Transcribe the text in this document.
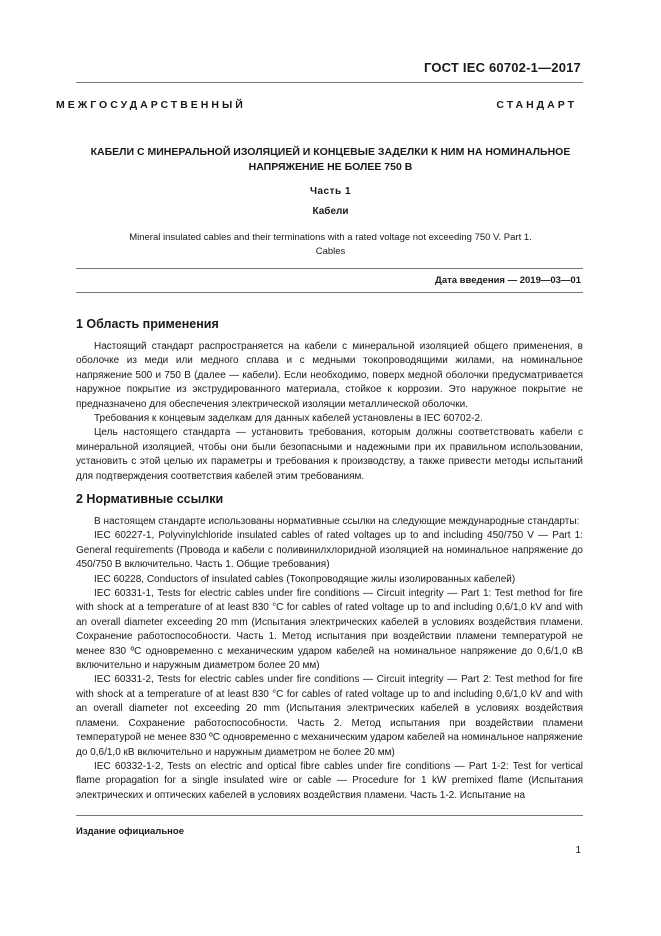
ГОСТ IEC 60702-1—2017
МЕЖГОСУДАРСТВЕННЫЙ СТАНДАРТ
КАБЕЛИ С МИНЕРАЛЬНОЙ ИЗОЛЯЦИЕЙ И КОНЦЕВЫЕ ЗАДЕЛКИ К НИМ НА НОМИНАЛЬНОЕ НАПРЯЖЕНИЕ НЕ БОЛЕЕ 750 В
Часть 1
Кабели
Mineral insulated cables and their terminations with a rated voltage not exceeding 750 V. Part 1. Cables
Дата введения — 2019—03—01
1 Область применения

Настоящий стандарт распространяется на кабели с минеральной изоляцией общего применения, в оболочке из меди или медного сплава и с медными токопроводящими жилами, на номинальное напряжение 500 и 750 В (далее — кабели). Если необходимо, поверх медной оболочки предусматривается наружное покрытие из экструдированного материала, стойкое к коррозии. Это наружное покрытие не предназначено для обеспечения электрической изоляции металлической оболочки.

Требования к концевым заделкам для данных кабелей установлены в IEC 60702-2.

Цель настоящего стандарта — установить требования, которым должны соответствовать кабели с минеральной изоляцией, чтобы они были безопасными и надежными при их правильном использовании, установить с этой целью их параметры и требования к производству, а также привести методы испытаний для подтверждения соответствия кабелей этим требованиям.

2 Нормативные ссылки

В настоящем стандарте использованы нормативные ссылки на следующие международные стандарты:

IEC 60227-1, Polyvinylchloride insulated cables of rated voltages up to and including 450/750 V — Part 1: General requirements (Провода и кабели с поливинилхлоридной изоляцией на номинальное напряжение до 450/750 В включительно. Часть 1. Общие требования)

IEC 60228, Conductors of insulated cables (Токопроводящие жилы изолированных кабелей)

IEC 60331-1, Tests for electric cables under fire conditions — Circuit integrity — Part 1: Test method for fire with shock at a temperature of at least 830 °C for cables of rated voltage up to and including 0,6/1,0 kV and with an overall diameter exceeding 20 mm (Испытания электрических кабелей в условиях воздействия пламени. Сохранение работоспособности. Часть 1. Метод испытания при воздействии пламени температурой не менее 830 ºC одновременно с механическим ударом кабелей на номинальное напряжение до 0,6/1,0 кВ включительно и наружным диаметром более 20 мм)

IEC 60331-2, Tests for electric cables under fire conditions — Circuit integrity — Part 2: Test method for fire with shock at a temperature of at least 830 °C for cables of rated voltage up to and including 0,6/1,0 kV and with an overall diameter not exceeding 20 mm (Испытания электрических кабелей в условиях воздействия пламени. Сохранение работоспособности. Часть 2. Метод испытания при воздействии пламени температурой не менее 830 ºC одновременно с механическим ударом кабелей на номинальное напряжение до 0,6/1,0 кВ включительно и наружным диаметром не более 20 мм)

IEC 60332-1-2, Tests on electric and optical fibre cables under fire conditions — Part 1-2: Test for vertical flame propagation for a single insulated wire or cable — Procedure for 1 kW premixed flame (Испытания электрических и оптических кабелей в условиях воздействия пламени. Часть 1-2. Испытание на

Издание официальное
1
